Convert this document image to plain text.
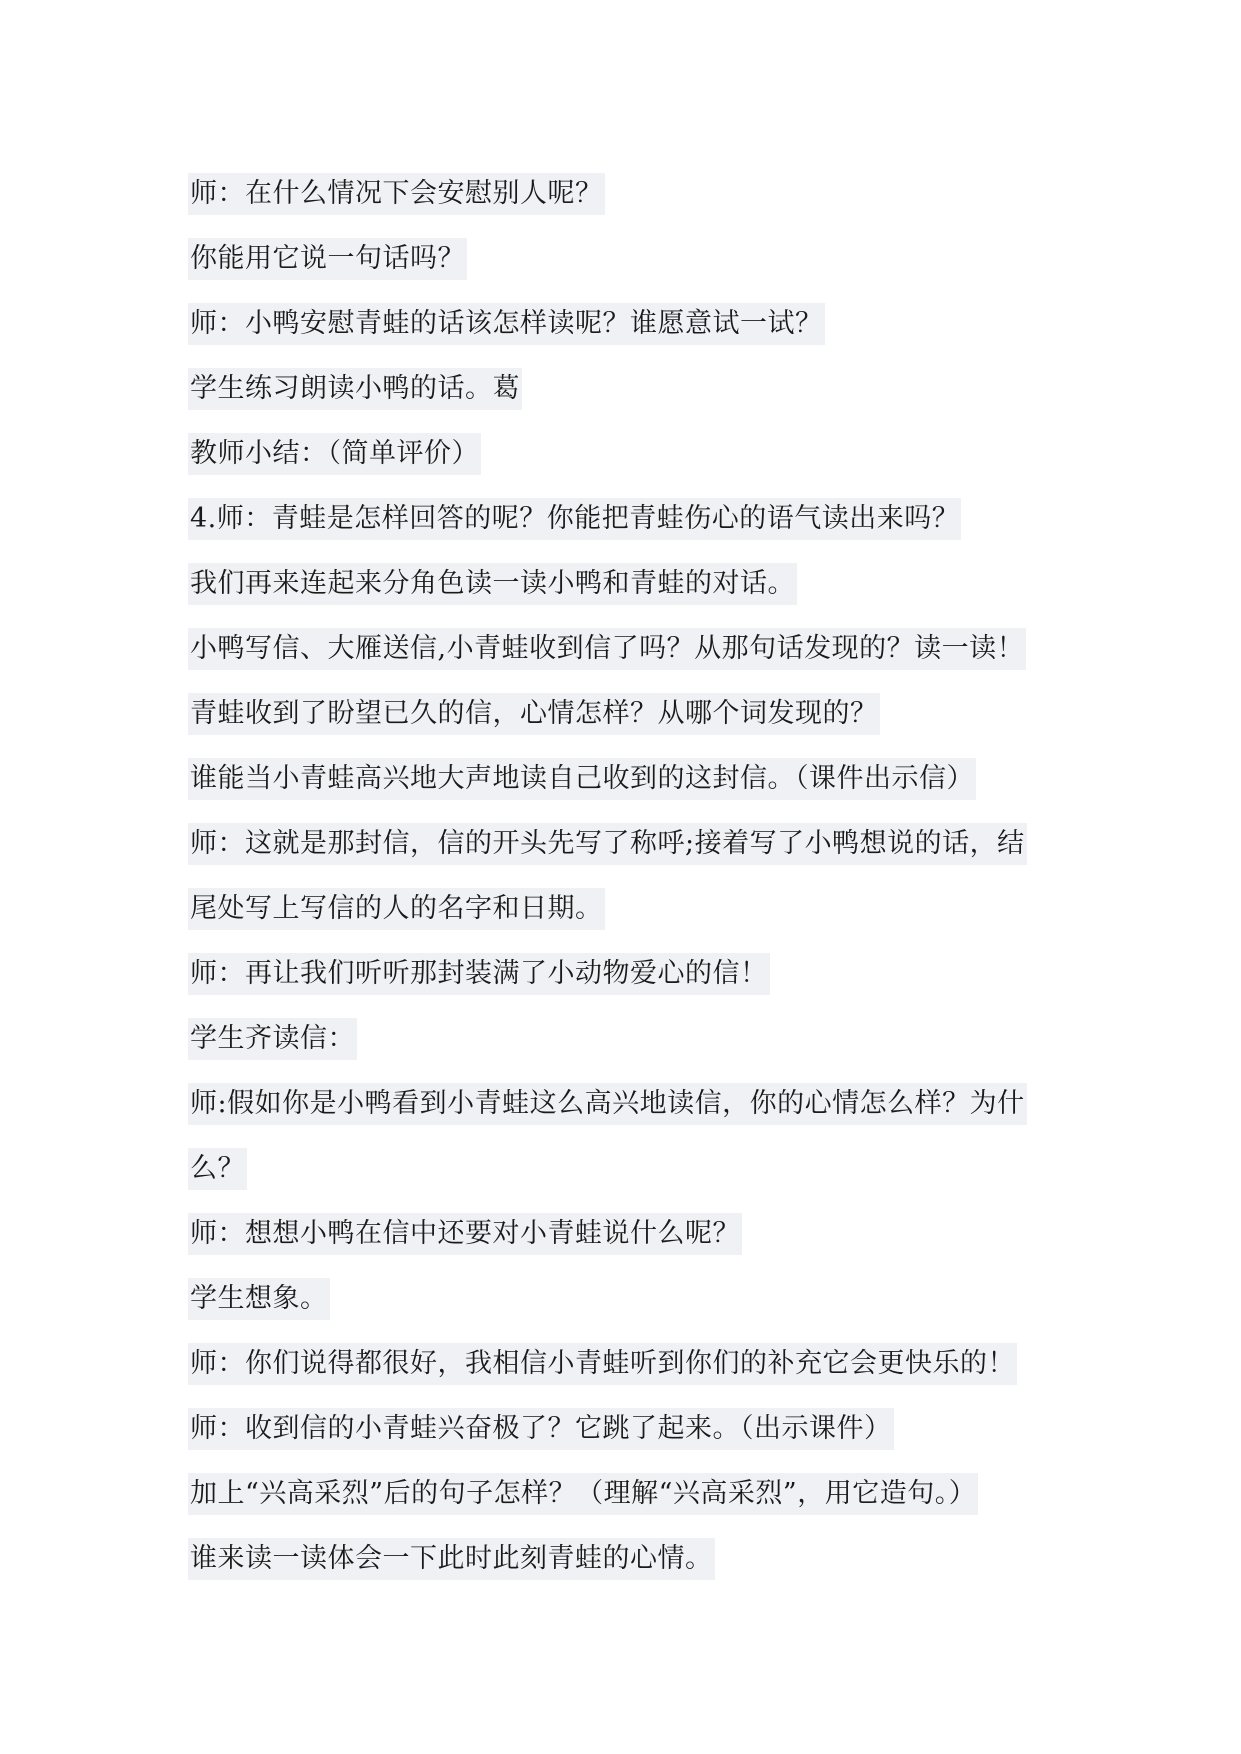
师：在什么情况下会安慰别人呢？
你能用它说一句话吗？
师：小鸭安慰青蛙的话该怎样读呢？谁愿意试一试？
学生练习朗读小鸭的话。葛
教师小结：（简单评价）
4.师：青蛙是怎样回答的呢？你能把青蛙伤心的语气读出来吗？
我们再来连起来分角色读一读小鸭和青蛙的对话。
小鸭写信、大雁送信,小青蛙收到信了吗？从那句话发现的？读一读！
青蛙收到了盼望已久的信，心情怎样？从哪个词发现的？
谁能当小青蛙高兴地大声地读自己收到的这封信。（课件出示信）
师：这就是那封信，信的开头先写了称呼;接着写了小鸭想说的话，结
尾处写上写信的人的名字和日期。
师：再让我们听听那封装满了小动物爱心的信！
学生齐读信：
师:假如你是小鸭看到小青蛙这么高兴地读信，你的心情怎么样？为什
么？
师：想想小鸭在信中还要对小青蛙说什么呢？
学生想象。
师：你们说得都很好，我相信小青蛙听到你们的补充它会更快乐的！
师：收到信的小青蛙兴奋极了？它跳了起来。（出示课件）
加上“兴高采烈”后的句子怎样？（理解“兴高采烈”，用它造句。）
谁来读一读体会一下此时此刻青蛙的心情。
